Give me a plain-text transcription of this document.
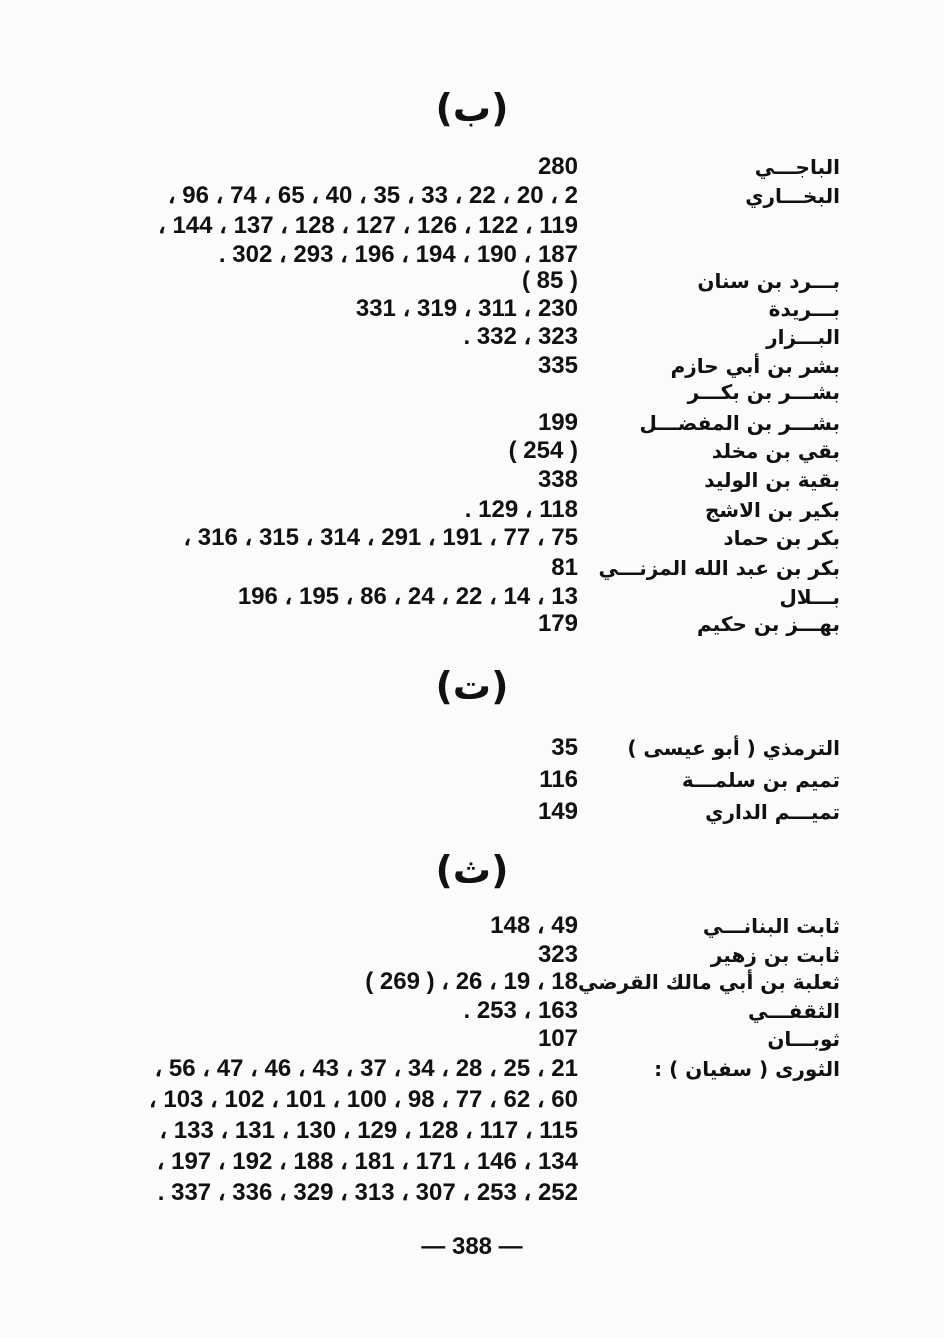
(ب)
الباجـــي
280
البخـــاري
2 ، 20 ، 22 ، 33 ، 35 ، 40 ، 65 ، 74 ، 96 ،
119 ، 122 ، 126 ، 127 ، 128 ، 137 ، 144 ،
187 ، 190 ، 194 ، 196 ، 293 ، 302 .
بـــرد بن سنان
( 85 )
بـــريدة
230 ، 311 ، 319 ، 331
البـــزار
323 ، 332 .
بشر بن أبي حازم
335
بشـــر بن بكـــر
بشـــر بن المفضـــل
199
بقي بن مخلد
( 254 )
بقية بن الوليد
338
بكير بن الاشج
118 ، 129 .
بكر بن حماد
75 ، 77 ، 191 ، 291 ، 314 ، 315 ، 316 ،
بكر بن عبد الله المزنـــي
81
بـــلال
13 ، 14 ، 22 ، 24 ، 86 ، 195 ، 196
بهـــز بن حكيم
179
(ت)
الترمذي ( أبو عيسى )
35
تميم بن سلمـــة
116
تميـــم الداري
149
(ث)
ثابت البنانـــي
49 ، 148
ثابت بن زهير
323
ثعلبة بن أبي مالك القرضي
18 ، 19 ، 26 ، ( 269 )
الثقفـــي
163 ، 253 .
ثوبـــان
107
الثورى ( سفيان ) :
21 ، 25 ، 28 ، 34 ، 37 ، 43 ، 46 ، 47 ، 56 ،
60 ، 62 ، 77 ، 98 ، 100 ، 101 ، 102 ، 103 ،
115 ، 117 ، 128 ، 129 ، 130 ، 131 ، 133 ،
134 ، 146 ، 171 ، 181 ، 188 ، 192 ، 197 ،
252 ، 253 ، 307 ، 313 ، 329 ، 336 ، 337 .
— 388 —
